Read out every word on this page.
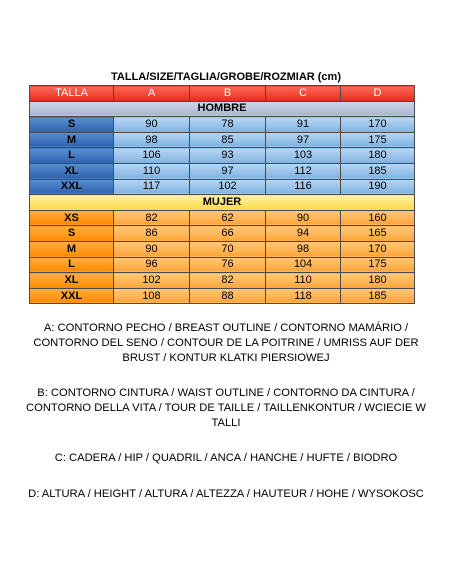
TALLA/SIZE/TAGLIA/GROBE/ROZMIAR (cm)
TALLA	A	B	C	D
HOMBRE				
S	90	78	91	170
M	98	85	97	175
L	106	93	103	180
XL	110	97	112	185
XXL	117	102	116	190
MUJER				
XS	82	62	90	160
S	86	66	94	165
M	90	70	98	170
L	96	76	104	175
XL	102	82	110	180
XXL	108	88	118	185

A: CONTORNO PECHO / BREAST OUTLINE / CONTORNO MAMÁRIO / CONTORNO DEL SENO / CONTOUR DE LA POITRINE / UMRISS AUF DER BRUST / KONTUR KLATKI PIERSIOWEJ

B: CONTORNO CINTURA / WAIST OUTLINE / CONTORNO DA CINTURA / CONTORNO DELLA VITA / TOUR DE TAILLE / TAILLENKONTUR / WCIECIE W TALLI

C: CADERA / HIP / QUADRIL / ANCA / HANCHE / HUFTE / BIODRO

D: ALTURA / HEIGHT / ALTURA / ALTEZZA / HAUTEUR / HOHE / WYSOKOSC
